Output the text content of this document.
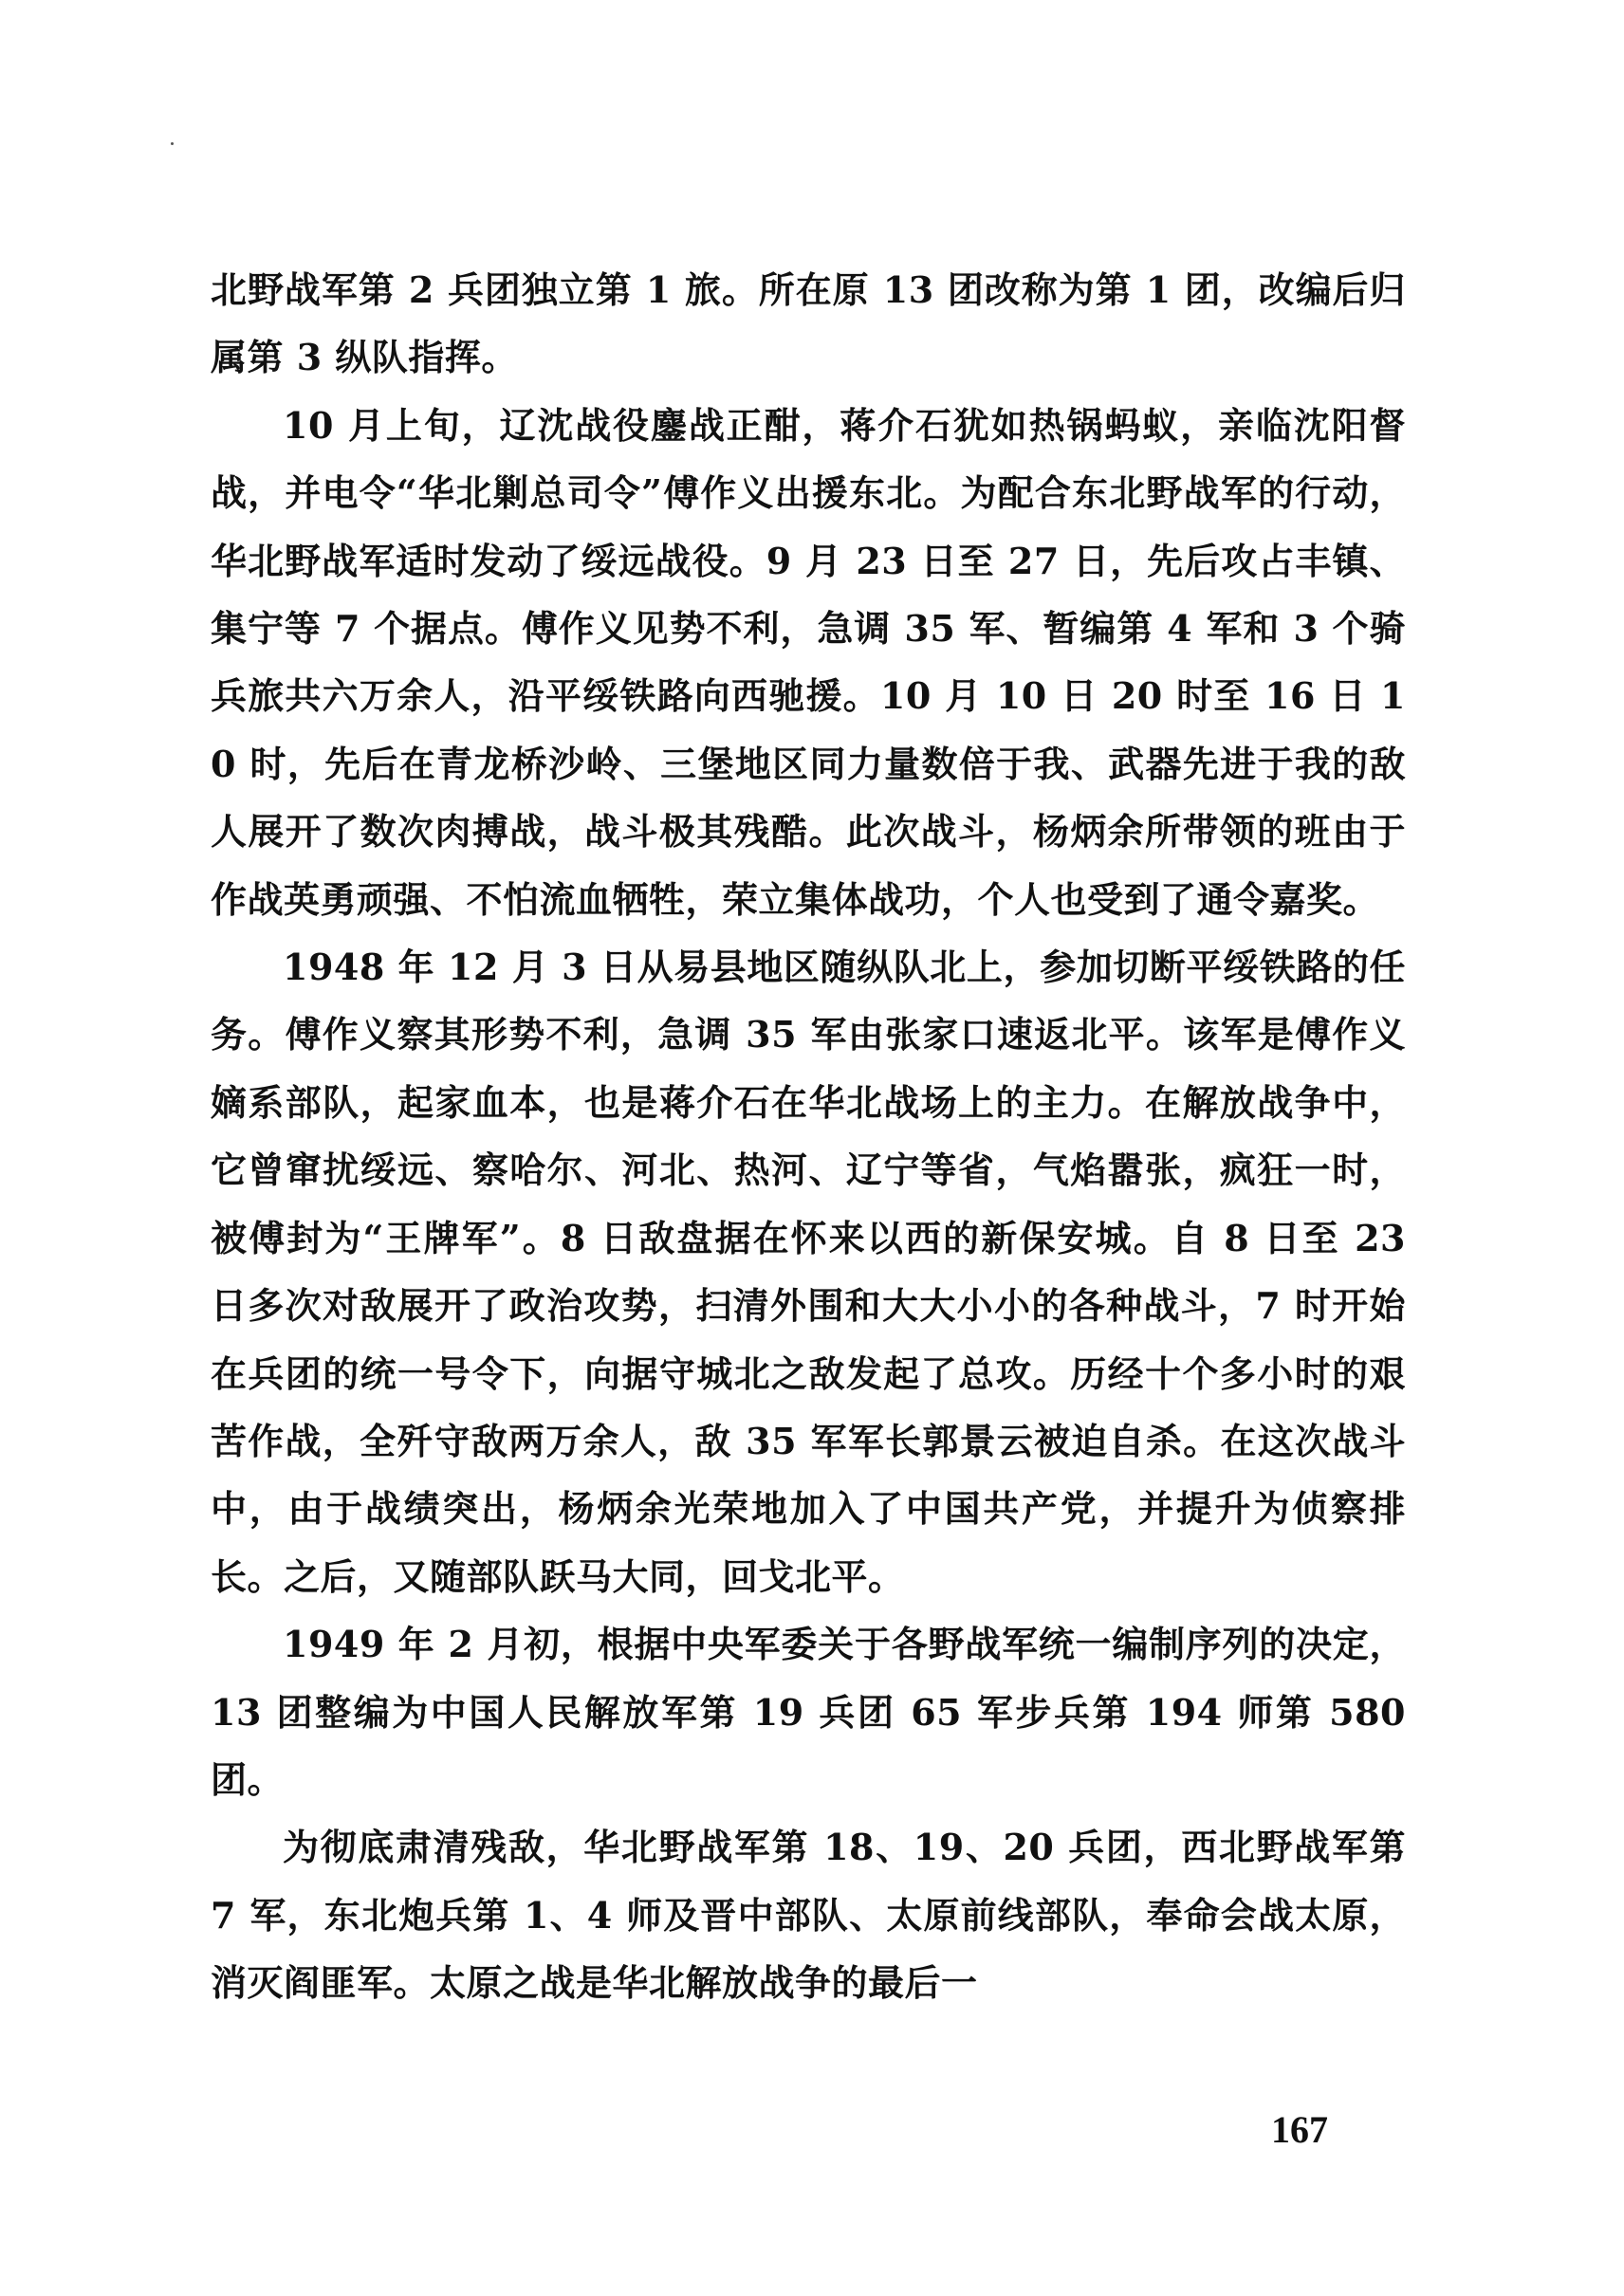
北野战军第 2 兵团独立第 1 旅。所在原 13 团改称为第 1 团，改编后归属第 3 纵队指挥。

10 月上旬，辽沈战役鏖战正酣，蒋介石犹如热锅蚂蚁，亲临沈阳督战，并电令“华北剿总司令”傅作义出援东北。为配合东北野战军的行动，华北野战军适时发动了绥远战役。9 月 23 日至 27 日，先后攻占丰镇、集宁等 7 个据点。傅作义见势不利，急调 35 军、暂编第 4 军和 3 个骑兵旅共六万余人，沿平绥铁路向西驰援。10 月 10 日 20 时至 16 日 10 时，先后在青龙桥沙岭、三堡地区同力量数倍于我、武器先进于我的敌人展开了数次肉搏战，战斗极其残酷。此次战斗，杨炳余所带领的班由于作战英勇顽强、不怕流血牺牲，荣立集体战功，个人也受到了通令嘉奖。

1948 年 12 月 3 日从易县地区随纵队北上，参加切断平绥铁路的任务。傅作义察其形势不利，急调 35 军由张家口速返北平。该军是傅作义嫡系部队，起家血本，也是蒋介石在华北战场上的主力。在解放战争中，它曾窜扰绥远、察哈尔、河北、热河、辽宁等省，气焰嚣张，疯狂一时，被傅封为“王牌军”。8 日敌盘据在怀来以西的新保安城。自 8 日至 23 日多次对敌展开了政治攻势，扫清外围和大大小小的各种战斗，7 时开始在兵团的统一号令下，向据守城北之敌发起了总攻。历经十个多小时的艰苦作战，全歼守敌两万余人，敌 35 军军长郭景云被迫自杀。在这次战斗中，由于战绩突出，杨炳余光荣地加入了中国共产党，并提升为侦察排长。之后，又随部队跃马大同，回戈北平。

1949 年 2 月初，根据中央军委关于各野战军统一编制序列的决定，13 团整编为中国人民解放军第 19 兵团 65 军步兵第 194 师第 580 团。

为彻底肃清残敌，华北野战军第 18、19、20 兵团，西北野战军第 7 军，东北炮兵第 1、4 师及晋中部队、太原前线部队，奉命会战太原，消灭阎匪军。太原之战是华北解放战争的最后一

167
